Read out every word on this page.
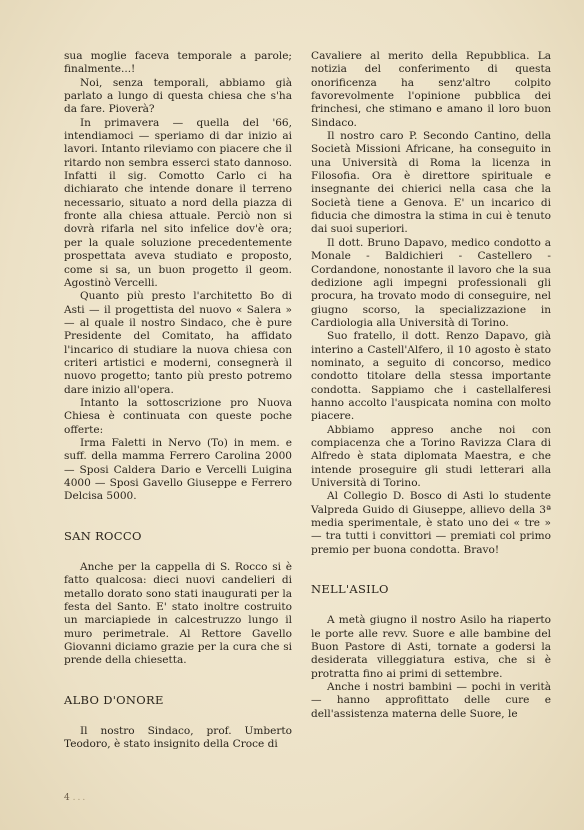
sua moglie faceva temporale a parole; finalmente...!

Noi, senza temporali, abbiamo già parlato a lungo di questa chiesa che s'ha da fare. Pioverà?

In primavera — quella del '66, intendiamoci — speriamo di dar inizio ai lavori. Intanto rileviamo con piacere che il ritardo non sembra esserci stato dannoso. Infatti il sig. Comotto Carlo ci ha dichiarato che intende donare il terreno necessario, situato a nord della piazza di fronte alla chiesa attuale. Perciò non si dovrà rifarla nel sito infelice dov'è ora; per la quale soluzione precedentemente prospettata aveva studiato e proposto, come si sa, un buon progetto il geom. Agostinò Vercelli.

Quanto più presto l'architetto Bo di Asti — il progettista del nuovo « Salera » — al quale il nostro Sindaco, che è pure Presidente del Comitato, ha affidato l'incarico di studiare la nuova chiesa con criteri artistici e moderni, consegnerà il nuovo progetto; tanto più presto potremo dare inizio all'opera.

Intanto la sottoscrizione pro Nuova Chiesa è continuata con queste poche offerte:

Irma Faletti in Nervo (To) in mem. e suff. della mamma Ferrero Carolina 2000 — Sposi Caldera Dario e Vercelli Luigina 4000 — Sposi Gavello Giuseppe e Ferrero Delcisa 5000.

SAN ROCCO

Anche per la cappella di S. Rocco si è fatto qualcosa: dieci nuovi candelieri di metallo dorato sono stati inaugurati per la festa del Santo. E' stato inoltre costruito un marciapiede in calcestruzzo lungo il muro perimetrale. Al Rettore Gavello Giovanni diciamo grazie per la cura che si prende della chiesetta.

ALBO D'ONORE

Il nostro Sindaco, prof. Umberto Teodoro, è stato insignito della Croce di

Cavaliere al merito della Repubblica. La notizia del conferimento di questa onorificenza ha senz'altro colpito favorevolmente l'opinione pubblica dei frinchesi, che stimano e amano il loro buon Sindaco.

Il nostro caro P. Secondo Cantino, della Società Missioni Africane, ha conseguito in una Università di Roma la licenza in Filosofia. Ora è direttore spirituale e insegnante dei chierici nella casa che la Società tiene a Genova. E' un incarico di fiducia che dimostra la stima in cui è tenuto dai suoi superiori.

Il dott. Bruno Dapavo, medico condotto a Monale - Baldichieri - Castellero - Cordandone, nonostante il lavoro che la sua dedizione agli impegni professionali gli procura, ha trovato modo di conseguire, nel giugno scorso, la specializzazione in Cardiologia alla Università di Torino.

Suo fratello, il dott. Renzo Dapavo, già interino a Castell'Alfero, il 10 agosto è stato nominato, a seguito di concorso, medico condotto titolare della stessa importante condotta. Sappiamo che i castellalferesi hanno accolto l'auspicata nomina con molto piacere.

Abbiamo appreso anche noi con compiacenza che a Torino Ravizza Clara di Alfredo è stata diplomata Maestra, e che intende proseguire gli studi letterari alla Università di Torino.

Al Collegio D. Bosco di Asti lo studente Valpreda Guido di Giuseppe, allievo della 3ª media sperimentale, è stato uno dei « tre » — tra tutti i convittori — premiati col primo premio per buona condotta. Bravo!

NELL'ASILO

A metà giugno il nostro Asilo ha riaperto le porte alle revv. Suore e alle bambine del Buon Pastore di Asti, tornate a godersi la desiderata villeggiatura estiva, che si è protratta fino ai primi di settembre.

Anche i nostri bambini — pochi in verità — hanno approfittato delle cure e dell'assistenza materna delle Suore, le

4 ...
